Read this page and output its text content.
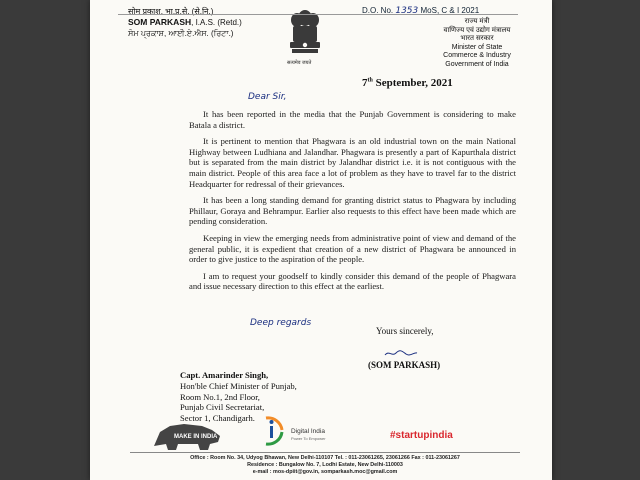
सोम प्रकाश, भा.प्र.से. (से.नि.)
SOM PARKASH, I.A.S. (Retd.)
ਸੋਮ ਪ੍ਰਕਾਸ਼, ਆਈ.ਏ.ਐਸ. (ਰਿਟਾ.)
सत्यमेव जयते
D.O. No. 1353 MoS, C & I 2021
राज्य मंत्री
वाणिज्य एवं उद्योग मंत्रालय
भारत सरकार
Minister of State
Commerce & Industry
Government of India
7th September, 2021
Dear Sir,

It has been reported in the media that the Punjab Government is considering to make Batala a district.

It is pertinent to mention that Phagwara is an old industrial town on the main National Highway between Ludhiana and Jalandhar. Phagwara is presently a part of Kapurthala district but is separated from the main district by Jalandhar district i.e. it is not contiguous with the main district. People of this area face a lot of problem as they have to travel far to the district Headquarter for redressal of their grievances.

It has been a long standing demand for granting district status to Phagwara by including Phillaur, Goraya and Behrampur. Earlier also requests to this effect have been made which are pending consideration.

Keeping in view the emerging needs from administrative point of view and demand of the general public, it is expedient that creation of a new district of Phagwara be announced in order to give justice to the aspiration of the people.

I am to request your goodself to kindly consider this demand of the people of Phagwara and issue necessary direction to this effect at the earliest.

Deep regards
Yours sincerely,
(SOM PARKASH)
Capt. Amarinder Singh,
Hon'ble Chief Minister of Punjab,
Room No.1, 2nd Floor,
Punjab Civil Secretariat,
Sector 1, Chandigarh.
MAKE IN INDIA
Digital India
Power To Empower	#startupindia
Office : Room No. 34, Udyog Bhawan, New Delhi-110107 Tel. : 011-23061265, 23061266 Fax : 011-23061267
Residence : Bungalow No. 7, Lodhi Estate, New Delhi-110003
e-mail : mos-dpiit@gov.in, somparkash.moc@gmail.com
